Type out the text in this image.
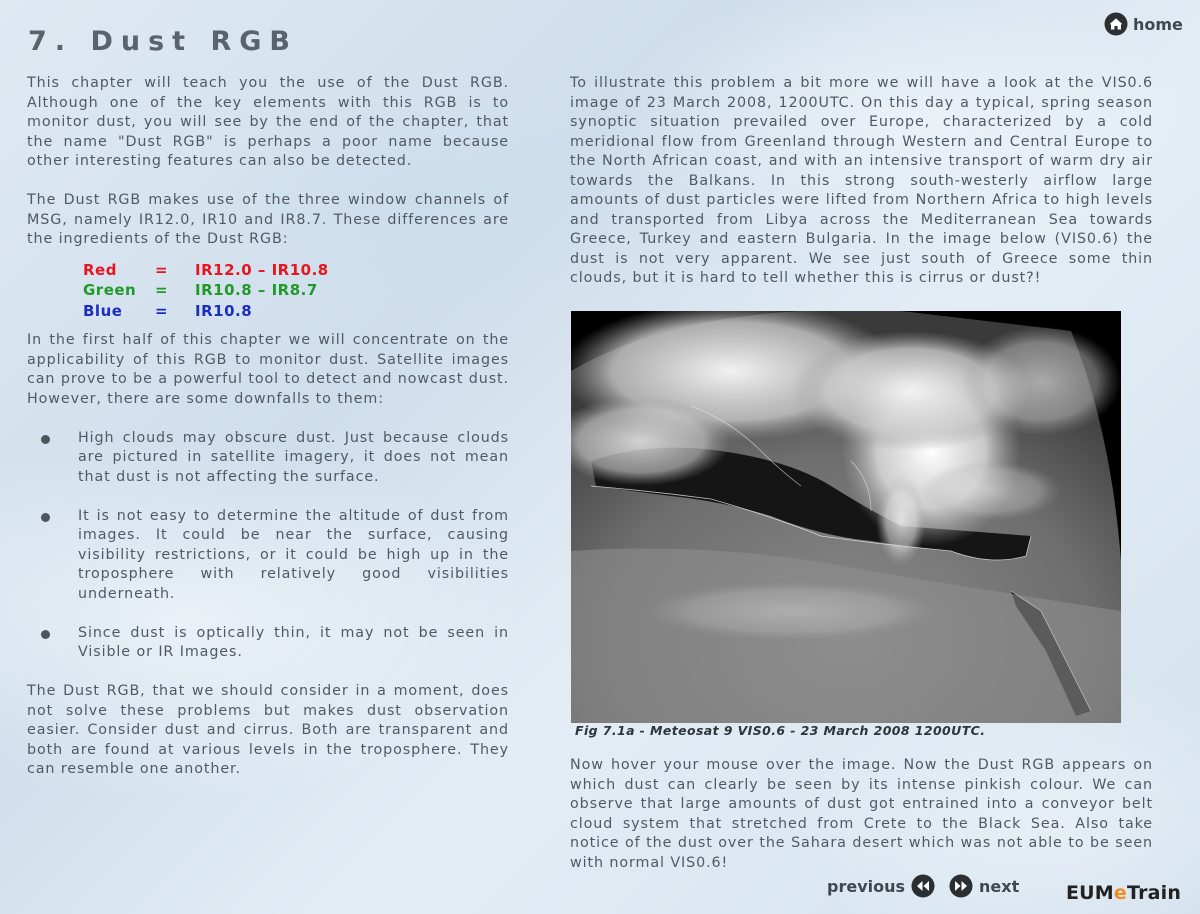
7. Dust RGB
home

This chapter will teach you the use of the Dust RGB. Although one of the key elements with this RGB is to monitor dust, you will see by the end of the chapter, that the name "Dust RGB" is perhaps a poor name because other interesting features can also be detected.

The Dust RGB makes use of the three window channels of MSG, namely IR12.0, IR10 and IR8.7. These differences are the ingredients of the Dust RGB:

Red	=	IR12.0 – IR10.8
Green	=	IR10.8 – IR8.7
Blue	=	IR10.8

In the first half of this chapter we will concentrate on the applicability of this RGB to monitor dust. Satellite images can prove to be a powerful tool to detect and nowcast dust. However, there are some downfalls to them:

High clouds may obscure dust. Just because clouds are pictured in satellite imagery, it does not mean that dust is not affecting the surface.
It is not easy to determine the altitude of dust from images. It could be near the surface, causing visibility restrictions, or it could be high up in the troposphere with relatively good visibilities underneath.
Since dust is optically thin, it may not be seen in Visible or IR Images.

The Dust RGB, that we should consider in a moment, does not solve these problems but makes dust observation easier. Consider dust and cirrus. Both are transparent and both are found at various levels in the troposphere. They can resemble one another.

To illustrate this problem a bit more we will have a look at the VIS0.6 image of 23 March 2008, 1200UTC. On this day a typical, spring season synoptic situation prevailed over Europe, characterized by a cold meridional flow from Greenland through Western and Central Europe to the North African coast, and with an intensive transport of warm dry air towards the Balkans. In this strong south-westerly airflow large amounts of dust particles were lifted from Northern Africa to high levels and transported from Libya across the Mediterranean Sea towards Greece, Turkey and eastern Bulgaria. In the image below (VIS0.6) the dust is not very apparent. We see just south of Greece some thin clouds, but it is hard to tell whether this is cirrus or dust?!

Fig 7.1a - Meteosat 9 VIS0.6 - 23 March 2008 1200UTC.

Now hover your mouse over the image. Now the Dust RGB appears on which dust can clearly be seen by its intense pinkish colour. We can observe that large amounts of dust got entrained into a conveyor belt cloud system that stretched from Crete to the Black Sea. Also take notice of the dust over the Sahara desert which was not able to be seen with normal VIS0.6!

previous	next EUMeTrain
